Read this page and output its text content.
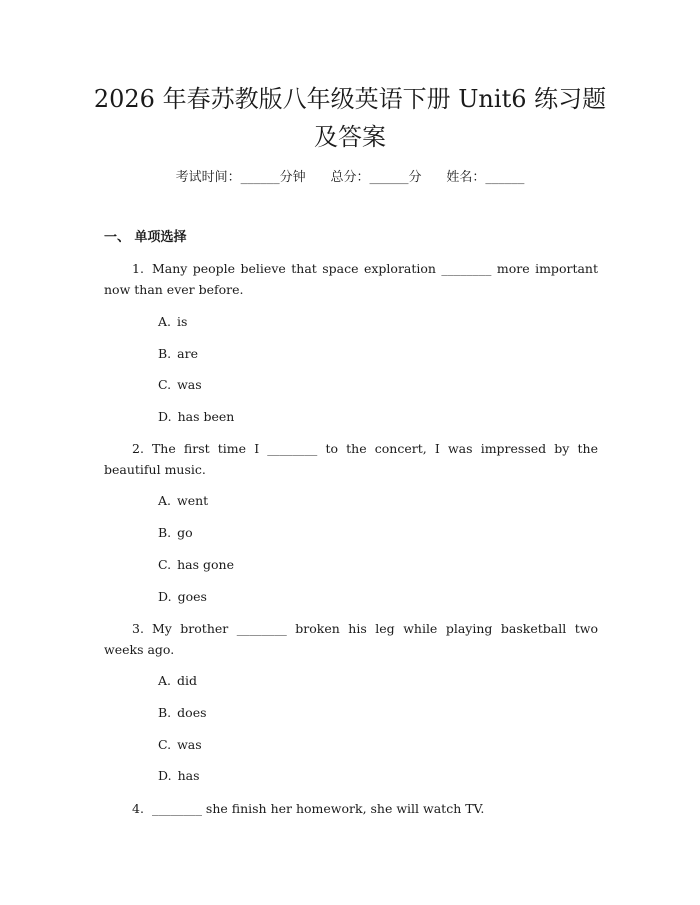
2026 年春苏教版八年级英语下册 Unit6 练习题及答案
考试时间：______分钟 总分：______分 姓名：______
一、 单项选择
1. Many people believe that space exploration ________ more important now than ever before.
A. is
B. are
C. was
D. has been
2. The first time I ________ to the concert, I was impressed by the beautiful music.
A. went
B. go
C. has gone
D. goes
3. My brother ________ broken his leg while playing basketball two weeks ago.
A. did
B. does
C. was
D. has
4. ________ she finish her homework, she will watch TV.
